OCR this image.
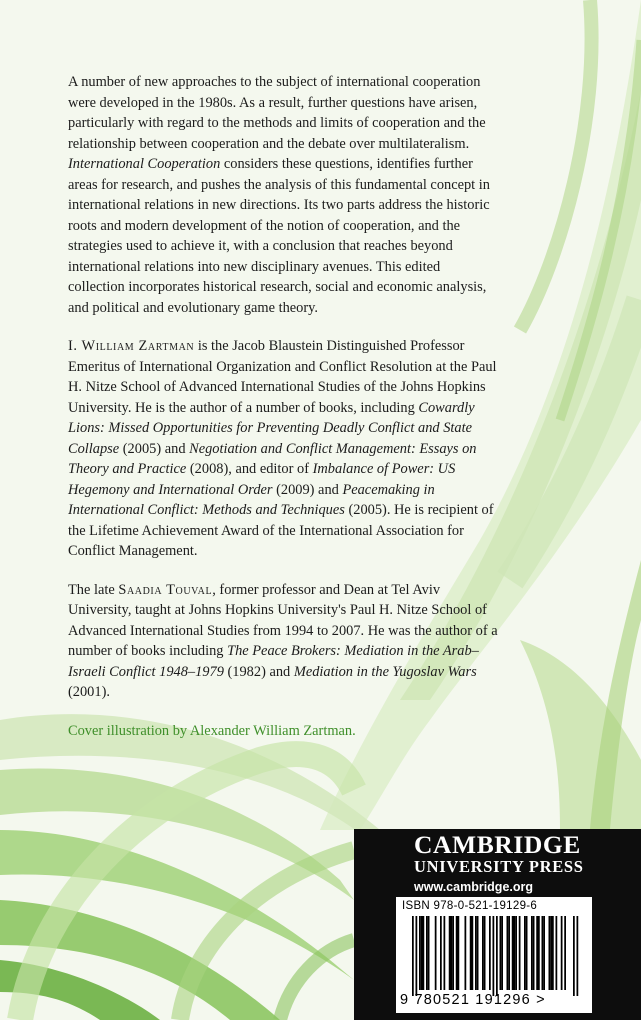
A number of new approaches to the subject of international cooperation were developed in the 1980s. As a result, further questions have arisen, particularly with regard to the methods and limits of cooperation and the relationship between cooperation and the debate over multilateralism. International Cooperation considers these questions, identifies further areas for research, and pushes the analysis of this fundamental concept in international relations in new directions. Its two parts address the historic roots and modern development of the notion of cooperation, and the strategies used to achieve it, with a conclusion that reaches beyond international relations into new disciplinary avenues. This edited collection incorporates historical research, social and economic analysis, and political and evolutionary game theory.

I. William Zartman is the Jacob Blaustein Distinguished Professor Emeritus of International Organization and Conflict Resolution at the Paul H. Nitze School of Advanced International Studies of the Johns Hopkins University. He is the author of a number of books, including Cowardly Lions: Missed Opportunities for Preventing Deadly Conflict and State Collapse (2005) and Negotiation and Conflict Management: Essays on Theory and Practice (2008), and editor of Imbalance of Power: US Hegemony and International Order (2009) and Peacemaking in International Conflict: Methods and Techniques (2005). He is recipient of the Lifetime Achievement Award of the International Association for Conflict Management.

The late Saadia Touval, former professor and Dean at Tel Aviv University, taught at Johns Hopkins University's Paul H. Nitze School of Advanced International Studies from 1994 to 2007. He was the author of a number of books including The Peace Brokers: Mediation in the Arab–Israeli Conflict 1948–1979 (1982) and Mediation in the Yugoslav Wars (2001).

Cover illustration by Alexander William Zartman.

CAMBRIDGE
UNIVERSITY PRESS
www.cambridge.org
ISBN 978-0-521-19129-6
9 780521 191296 >
